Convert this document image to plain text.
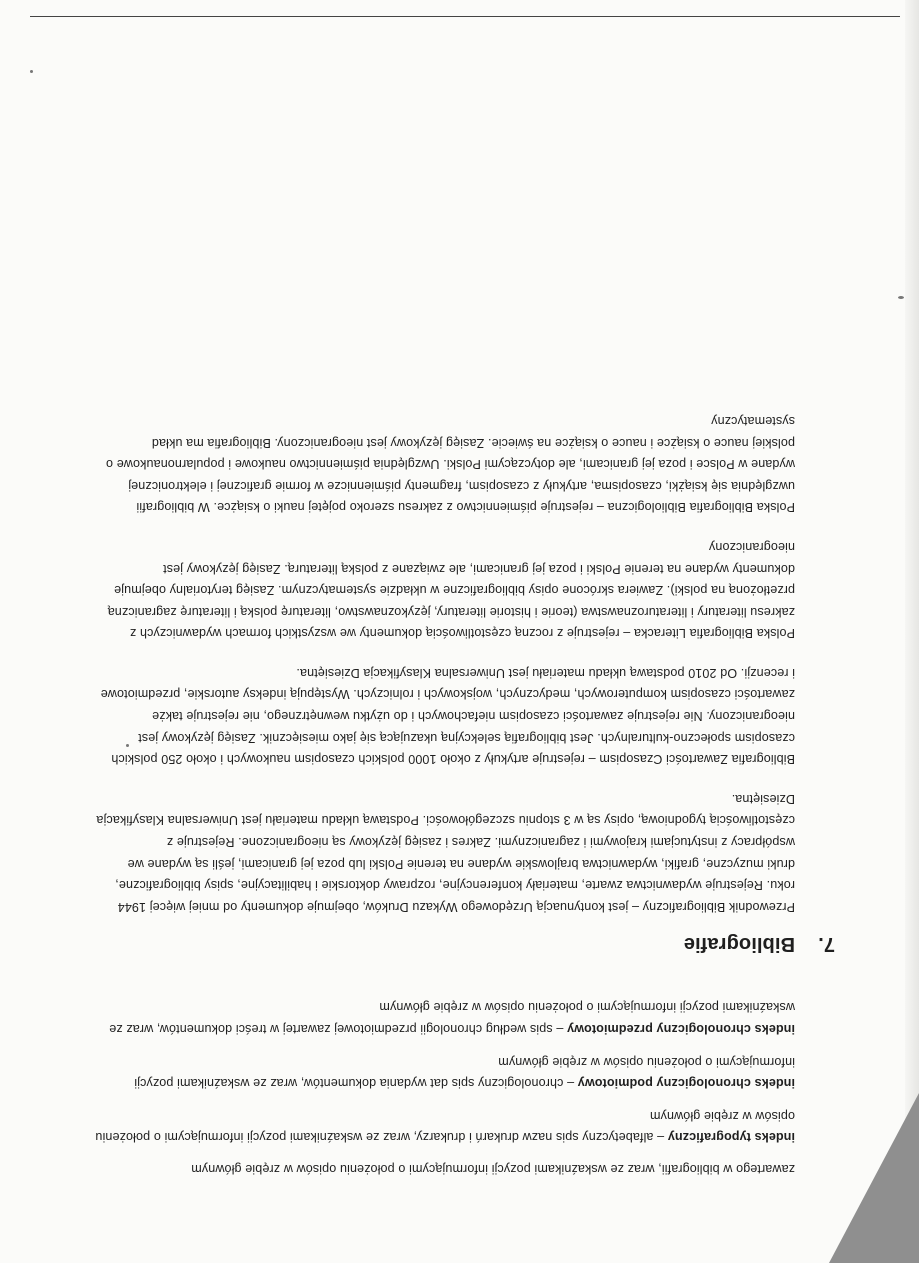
zawartego w bibliografii, wraz ze wskaźnikami pozycji informującymi o położeniu opisów w zrębie głównym

indeks typograficzny – alfabetyczny spis nazw drukarń i drukarzy, wraz ze wskaźnikami pozycji informującymi o położeniu opisów w zrębie głównym

indeks chronologiczny podmiotowy – chronologiczny spis dat wydania dokumentów, wraz ze wskaźnikami pozycji informującymi o położeniu opisów w zrębie głównym

indeks chronologiczny przedmiotowy – spis według chronologii przedmiotowej zawartej w treści dokumentów, wraz ze wskaźnikami pozycji informującymi o położeniu opisów w zrębie głównym

7.Bibliografie

Przewodnik Bibliograficzny – jest kontynuacją Urzędowego Wykazu Druków, obejmuje dokumenty od mniej więcej 1944 roku. Rejestruje wydawnictwa zwarte, materiały konferencyjne, rozprawy doktorskie i habilitacyjne, spisy bibliograficzne, druki muzyczne, grafiki, wydawnictwa brajlowskie wydane na terenie Polski lub poza jej granicami, jeśli są wydane we współpracy z instytucjami krajowymi i zagranicznymi. Zakres i zasięg językowy są nieograniczone. Rejestruje z częstotliwością tygodniową, opisy są w 3 stopniu szczegółowości. Podstawą układu materiału jest Uniwersalna Klasyfikacja Dziesiętna.

Bibliografia Zawartości Czasopism – rejestruje artykuły z około 1000 polskich czasopism naukowych i około 250 polskich czasopism społeczno-kulturalnych. Jest bibliografią selekcyjną ukazującą się jako miesięcznik. Zasięg językowy jest nieograniczony. Nie rejestruje zawartości czasopism niefachowych i do użytku wewnętrznego, nie rejestruje także zawartości czasopism komputerowych, medycznych, wojskowych i rolniczych. Występują indeksy autorskie, przedmiotowe i recenzji. Od 2010 podstawą układu materiału jest Uniwersalna Klasyfikacja Dziesiętna.

Polska Bibliografia Literacka – rejestruje z roczną częstotliwością dokumenty we wszystkich formach wydawniczych z zakresu literatury i literaturoznawstwa (teorie i historie literatury, językoznawstwo, literaturę polską i literaturę zagraniczną przetłożoną na polski). Zawiera skrócone opisy bibliograficzne w układzie systematycznym. Zasięg terytorialny obejmuje dokumenty wydane na terenie Polski i poza jej granicami, ale związane z polską literaturą. Zasięg językowy jest nieograniczony

Polska Bibliografia Bibliologiczna – rejestruje piśmiennictwo z zakresu szeroko pojętej nauki o książce. W bibliografii uwzględnia się książki, czasopisma, artykuły z czasopism, fragmenty piśmiennicze w formie graficznej i elektronicznej wydane w Polsce i poza jej granicami, ale dotyczącymi Polski. Uwzględnia piśmiennictwo naukowe i popularnonaukowe o polskiej nauce o książce i nauce o książce na świecie. Zasięg językowy jest nieograniczony. Bibliografia ma układ systematyczny
